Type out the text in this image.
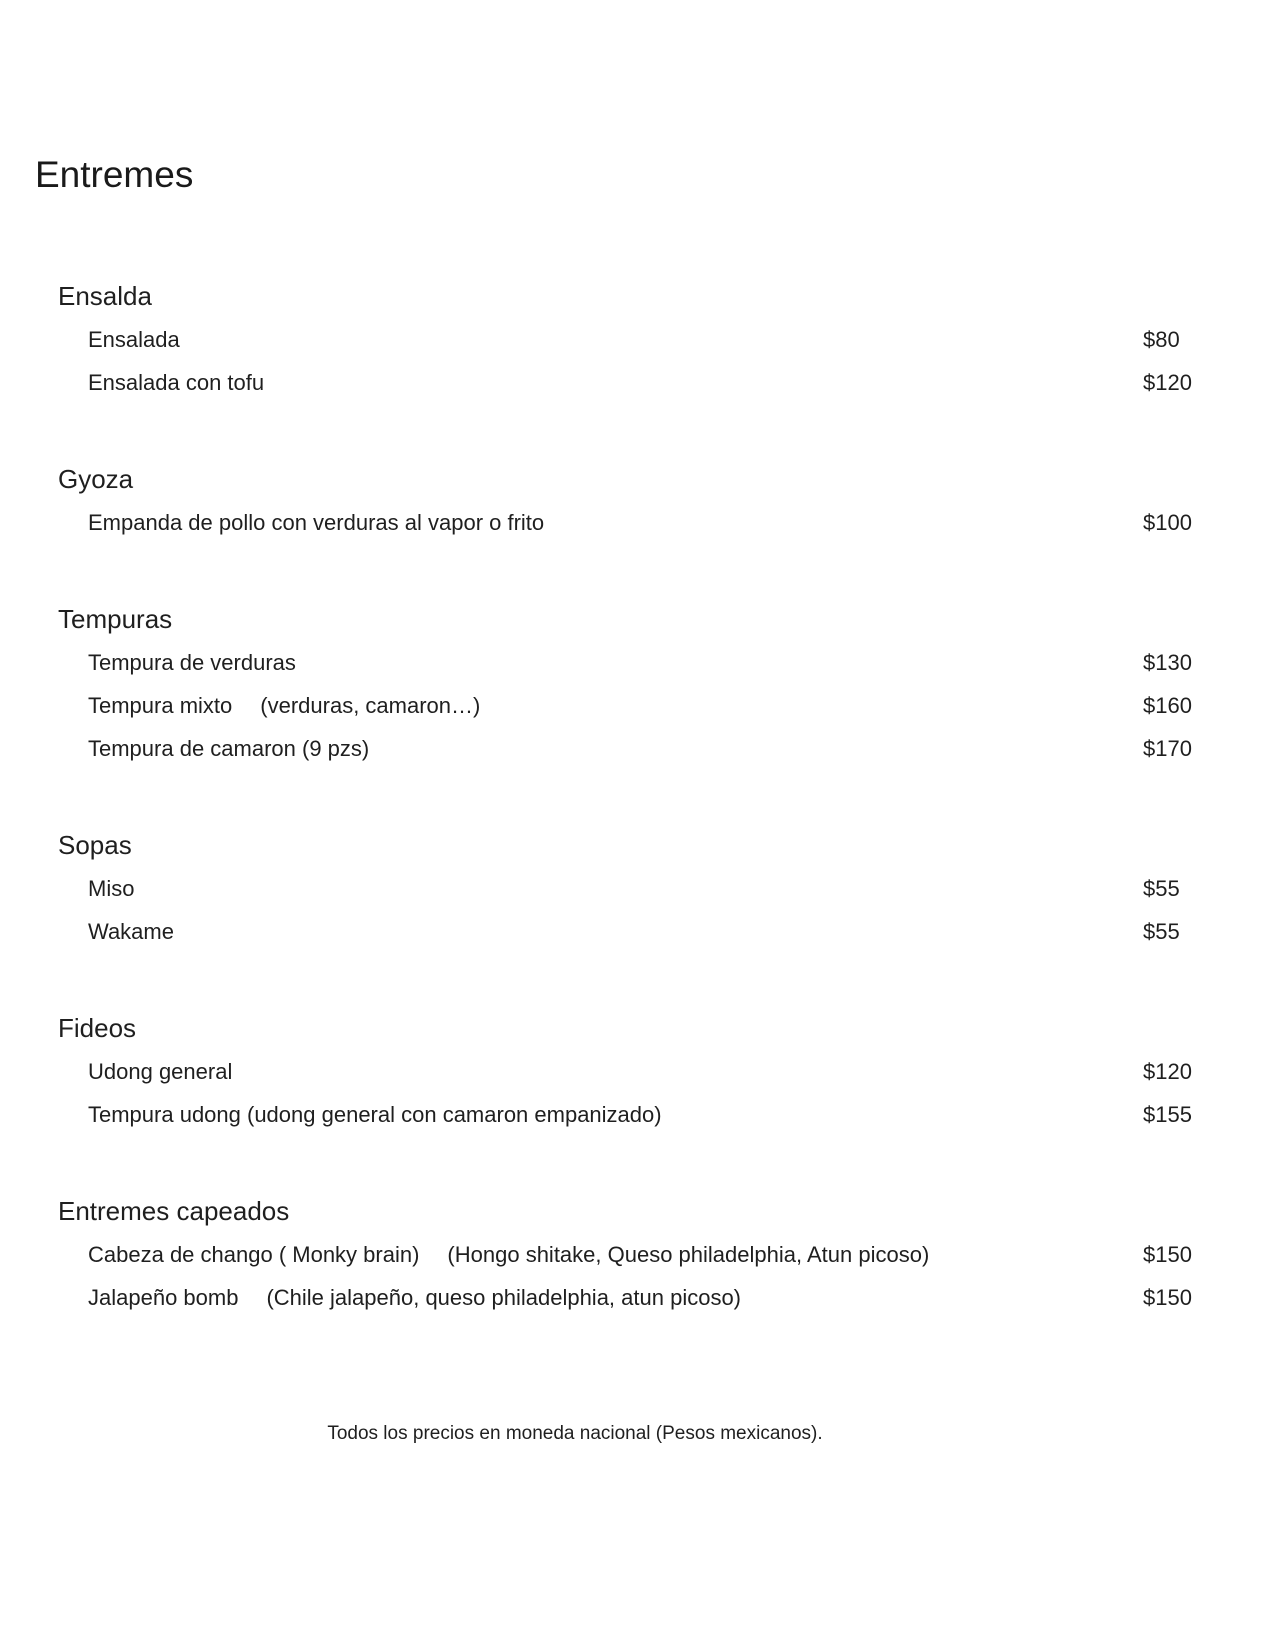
Entremes
Ensalda
Ensalada	$80
Ensalada con tofu	$120
Gyoza
Empanda de pollo con verduras al vapor o frito	$100
Tempuras
Tempura de verduras	$130
Tempura mixto (verduras, camaron…)	$160
Tempura de camaron (9 pzs)	$170
Sopas
Miso	$55
Wakame	$55
Fideos
Udong general	$120
Tempura udong (udong general con camaron empanizado)	$155
Entremes capeados
Cabeza de chango ( Monky brain) (Hongo shitake, Queso philadelphia, Atun picoso)	$150
Jalapeño bomb (Chile jalapeño, queso philadelphia, atun picoso)	$150
Todos los precios en moneda nacional (Pesos mexicanos).
